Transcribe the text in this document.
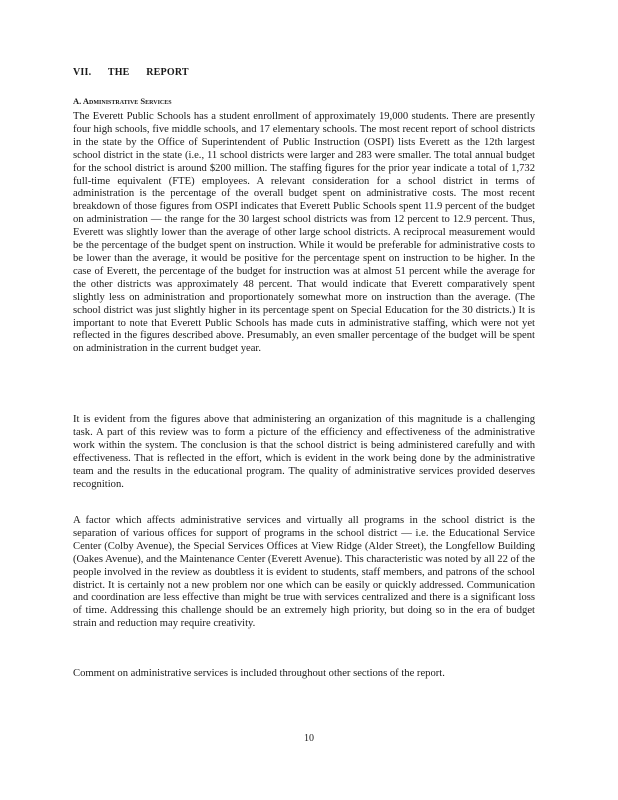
VII. THE REPORT
A. Administrative Services

The Everett Public Schools has a student enrollment of approximately 19,000 students. There are presently four high schools, five middle schools, and 17 elementary schools. The most recent report of school districts in the state by the Office of Superintendent of Public Instruction (OSPI) lists Everett as the 12th largest school district in the state (i.e., 11 school districts were larger and 283 were smaller. The total annual budget for the school district is around $200 million. The staffing figures for the prior year indicate a total of 1,732 full-time equivalent (FTE) employees. A relevant consideration for a school district in terms of administration is the percentage of the overall budget spent on administrative costs. The most recent breakdown of those figures from OSPI indicates that Everett Public Schools spent 11.9 percent of the budget on administration — the range for the 30 largest school districts was from 12 percent to 12.9 percent. Thus, Everett was slightly lower than the average of other large school districts. A reciprocal measurement would be the percentage of the budget spent on instruction. While it would be preferable for administrative costs to be lower than the average, it would be positive for the percentage spent on instruction to be higher. In the case of Everett, the percentage of the budget for instruction was at almost 51 percent while the average for the other districts was approximately 48 percent. That would indicate that Everett comparatively spent slightly less on administration and proportionately somewhat more on instruction than the average. (The school district was just slightly higher in its percentage spent on Special Education for the 30 districts.) It is important to note that Everett Public Schools has made cuts in administrative staffing, which were not yet reflected in the figures described above. Presumably, an even smaller percentage of the budget will be spent on administration in the current budget year.

It is evident from the figures above that administering an organization of this magnitude is a challenging task. A part of this review was to form a picture of the efficiency and effectiveness of the administrative work within the system. The conclusion is that the school district is being administered carefully and with effectiveness. That is reflected in the effort, which is evident in the work being done by the administrative team and the results in the educational program. The quality of administrative services provided deserves recognition.

A factor which affects administrative services and virtually all programs in the school district is the separation of various offices for support of programs in the school district — i.e. the Educational Service Center (Colby Avenue), the Special Services Offices at View Ridge (Alder Street), the Longfellow Building (Oakes Avenue), and the Maintenance Center (Everett Avenue). This characteristic was noted by all 22 of the people involved in the review as doubtless it is evident to students, staff members, and patrons of the school district. It is certainly not a new problem nor one which can be easily or quickly addressed. Communication and coordination are less effective than might be true with services centralized and there is a significant loss of time. Addressing this challenge should be an extremely high priority, but doing so in the era of budget strain and reduction may require creativity.

Comment on administrative services is included throughout other sections of the report.

10
